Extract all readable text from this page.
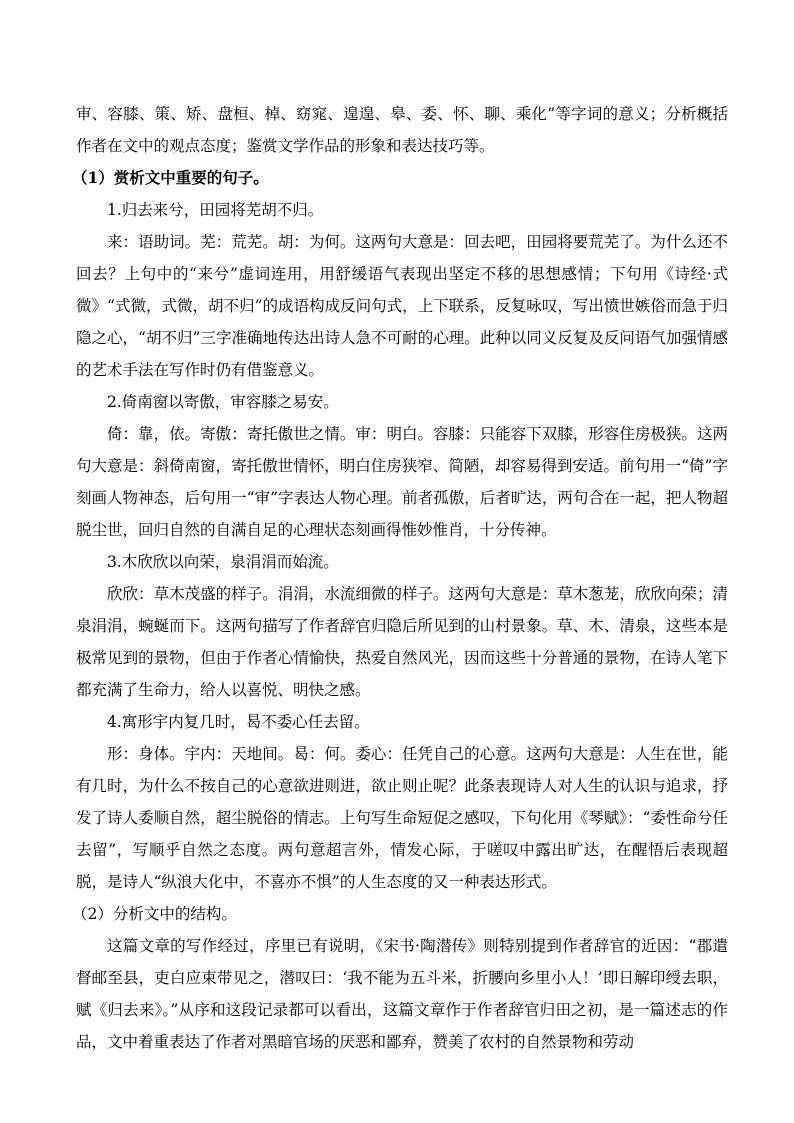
审、容膝、策、矫、盘桓、棹、窈窕、遑遑、皋、委、怀、聊、乘化”等字词的意义；分析概括作者在文中的观点态度；鉴赏文学作品的形象和表达技巧等。

（1）赏析文中重要的句子。

1.归去来兮，田园将芜胡不归。

来：语助词。芜：荒芜。胡：为何。这两句大意是：回去吧，田园将要荒芜了。为什么还不回去？上句中的“来兮”虚词连用，用舒缓语气表现出坚定不移的思想感情；下句用《诗经·式微》“式微，式微，胡不归”的成语构成反问句式，上下联系，反复咏叹，写出愤世嫉俗而急于归隐之心，“胡不归”三字准确地传达出诗人急不可耐的心理。此种以同义反复及反问语气加强情感的艺术手法在写作时仍有借鉴意义。

2.倚南窗以寄傲，审容膝之易安。

倚：靠，依。寄傲：寄托傲世之情。审：明白。容膝：只能容下双膝，形容住房极狭。这两句大意是：斜倚南窗，寄托傲世情怀，明白住房狭窄、简陋，却容易得到安适。前句用一“倚”字刻画人物神态，后句用一“审”字表达人物心理。前者孤傲，后者旷达，两句合在一起，把人物超脱尘世，回归自然的自满自足的心理状态刻画得惟妙惟肖，十分传神。

3.木欣欣以向荣，泉涓涓而始流。

欣欣：草木茂盛的样子。涓涓，水流细微的样子。这两句大意是：草木葱茏，欣欣向荣；清泉涓涓，蜿蜒而下。这两句描写了作者辞官归隐后所见到的山村景象。草、木、清泉，这些本是极常见到的景物，但由于作者心情愉快，热爱自然风光，因而这些十分普通的景物，在诗人笔下都充满了生命力，给人以喜悦、明快之感。

4.寓形宇内复几时，曷不委心任去留。

形：身体。宇内：天地间。曷：何。委心：任凭自己的心意。这两句大意是：人生在世，能有几时，为什么不按自己的心意欲进则进，欲止则止呢？此条表现诗人对人生的认识与追求，抒发了诗人委顺自然，超尘脱俗的情志。上句写生命短促之感叹，下句化用《琴赋》：“委性命兮任去留”，写顺乎自然之态度。两句意超言外，情发心际，于嗟叹中露出旷达，在醒悟后表现超脱，是诗人“纵浪大化中，不喜亦不惧”的人生态度的又一种表达形式。

（2）分析文中的结构。

这篇文章的写作经过，序里已有说明，《宋书·陶潜传》则特别提到作者辞官的近因：“郡遣督邮至县，吏白应束带见之，潜叹曰：‘我不能为五斗米，折腰向乡里小人！’即日解印绶去职，赋《归去来》。”从序和这段记录都可以看出，这篇文章作于作者辞官归田之初，是一篇述志的作品，文中着重表达了作者对黑暗官场的厌恶和鄙弃，赞美了农村的自然景物和劳动
